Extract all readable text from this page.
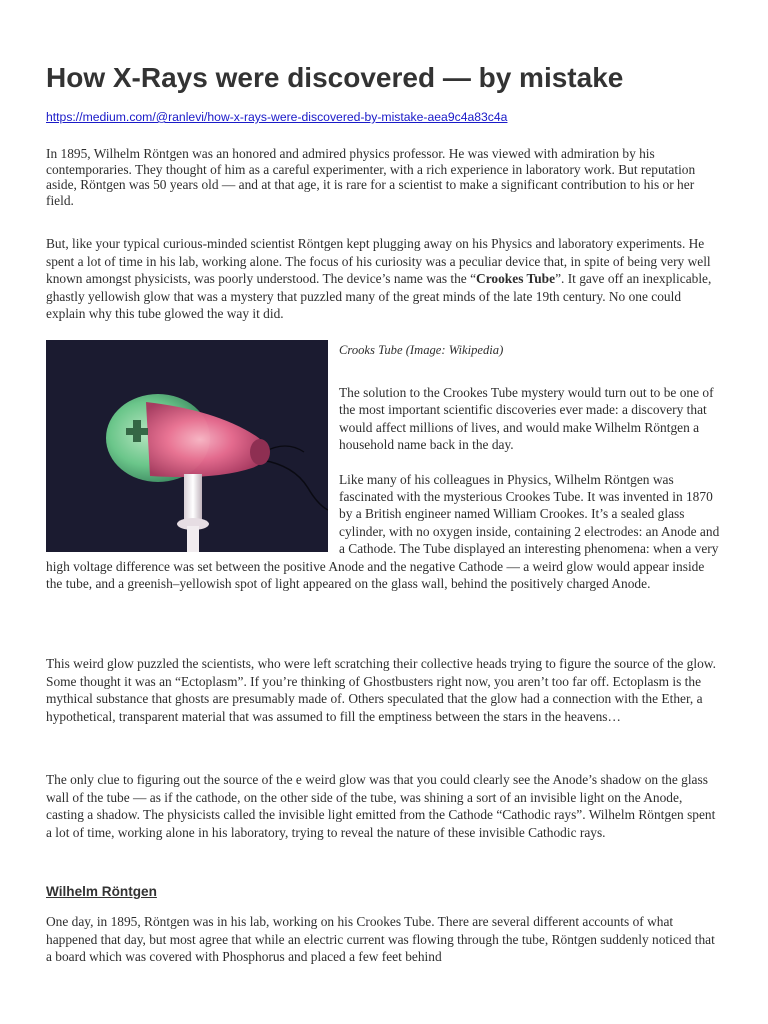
How X-Rays were discovered — by mistake
https://medium.com/@ranlevi/how-x-rays-were-discovered-by-mistake-aea9c4a83c4a

In 1895, Wilhelm Röntgen was an honored and admired physics professor. He was viewed with admiration by his contemporaries. They thought of him as a careful experimenter, with a rich experience in laboratory work. But reputation aside, Röntgen was 50 years old — and at that age, it is rare for a scientist to make a significant contribution to his or her field.

But, like your typical curious-minded scientist Röntgen kept plugging away on his Physics and laboratory experiments. He spent a lot of time in his lab, working alone. The focus of his curiosity was a peculiar device that, in spite of being very well known amongst physicists, was poorly understood. The device’s name was the “Crookes Tube”. It gave off an inexplicable, ghastly yellowish glow that was a mystery that puzzled many of the great minds of the late 19th century. No one could explain why this tube glowed the way it did.

Crooks Tube (Image: Wikipedia)

The solution to the Crookes Tube mystery would turn out to be one of the most important scientific discoveries ever made: a discovery that would affect millions of lives, and would make Wilhelm Röntgen a household name back in the day.

Like many of his colleagues in Physics, Wilhelm Röntgen was fascinated with the mysterious Crookes Tube. It was invented in 1870 by a British engineer named William Crookes. It’s a sealed glass cylinder, with no oxygen inside, containing 2 electrodes: an Anode and a Cathode. The Tube displayed an interesting phenomena: when a very high voltage difference was set between the positive Anode and the negative Cathode — a weird glow would appear inside the tube, and a greenish–yellowish spot of light appeared on the glass wall, behind the positively charged Anode.

This weird glow puzzled the scientists, who were left scratching their collective heads trying to figure the source of the glow. Some thought it was an “Ectoplasm”. If you’re thinking of Ghostbusters right now, you aren’t too far off. Ectoplasm is the mythical substance that ghosts are presumably made of. Others speculated that the glow had a connection with the Ether, a hypothetical, transparent material that was assumed to fill the emptiness between the stars in the heavens…

The only clue to figuring out the source of the e weird glow was that you could clearly see the Anode’s shadow on the glass wall of the tube — as if the cathode, on the other side of the tube, was shining a sort of an invisible light on the Anode, casting a shadow. The physicists called the invisible light emitted from the Cathode “Cathodic rays”. Wilhelm Röntgen spent a lot of time, working alone in his laboratory, trying to reveal the nature of these invisible Cathodic rays.

Wilhelm Röntgen

One day, in 1895, Röntgen was in his lab, working on his Crookes Tube. There are several different accounts of what happened that day, but most agree that while an electric current was flowing through the tube, Röntgen suddenly noticed that a board which was covered with Phosphorus and placed a few feet behind
